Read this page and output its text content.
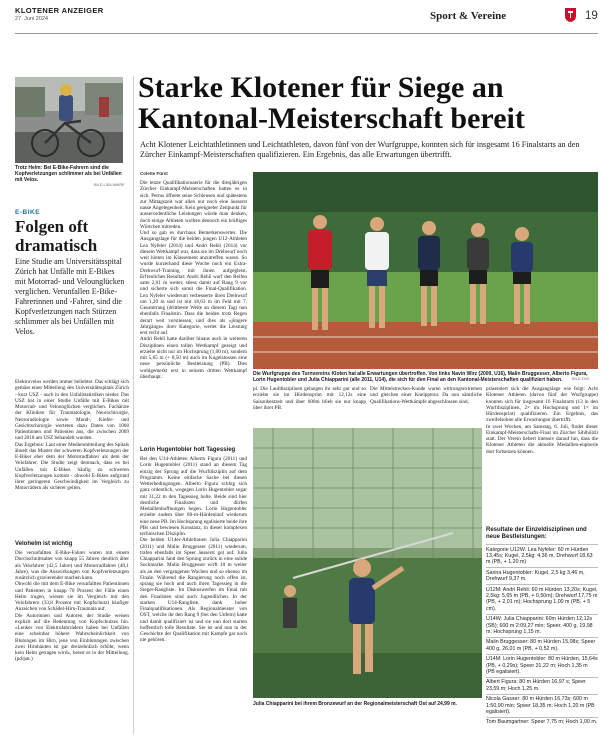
KLOTENER ANZEIGER
27. Juni 2024	Sport & Vereine	19
Trotz Helm: Bei E-Bike-Fahrern sind die Kopfverletzungen schlimmer als bei Unfällen mit Velos.
BILD LISA MAIRE
E-BIKE
Folgen oft dramatisch
Eine Studie am Universitätsspital Zürich hat Unfälle mit E-Bikes mit Motorrad- und Velounglücken verglichen. Verunfallen E-Bike-Fahrerinnen und -Fahrer, sind die Kopfverletzungen nach Stürzen schlimmer als bei Unfällen mit Velos.
Elektrovelos werden immer beliebter. Das schlägt sich gemäss einer Mitteilung des Universitätsspitals Zürich - kurz USZ - auch in den Unfallstatistiken nieder. Das USZ hat in einer Studie Unfälle mit E-Bikes mit Motorrad- und Velounglücken verglichen. Fachärzte der Kliniken für Traumatologie, Neurochirurgie, Neuroradiologie sowie Mund-, Kiefer- und Gesichtschirurgie werteten dazu Daten von 1068 Patientinnen und Patienten aus, die zwischen 2009 und 2018 am USZ behandelt wurden.
Das Ergebnis: Laut einer Medienmitteilung des Spitals ähnelt das Muster der schweren Kopfverletzungen der E-Biker eher dem der Motorradfahrer als dem der Velofahrer. Die Studie zeigt demnach, dass es bei Unfällen mit E-Bikes häufig zu schweren Kopfverletzungen kommt - obwohl E-Bikes aufgrund ihrer geringeren Geschwindigkeit im Vergleich zu Motorrädern als sicherer gelten.
Velohelm ist wichtig
Die verunfallten E-Bike-Fahrer waren mit einem Durchschnittsalter von knapp 55 Jahren deutlich älter als Velofahrer (42,5 Jahre) und Motorradfahrer (40,1 Jahre), was die Auswirkungen von Kopfverletzungen zusätzlich gravierender machen kann.
Obwohl die mit dem E-Bike verunfallten Patientinnen und Patienten in knapp 70 Prozent der Fälle einen Helm trugen, wiesen sie im Vergleich mit den Velofahrern (33,8 Prozent mit Kopfschutz) häufiger Anzeichen von Schädel-Hirn-Traumata auf.
Die Autorinnen und Autoren der Studie weisen explizit auf die Bedeutung von Kopfschutzes hin. «Lenker von Elektrofahrrädern haben bei Unfällen eine scheinbar höhere Wahrscheinlichkeit von Blutungen im Hirn, jene von Einblutungen zwischen zwei Hirnhäuten ist gar dreizehnfach erhöht, wenn kein Helm getragen wird», heisst es in der Mitteilung. (pd/pat.)
Starke Klotener für Siege an Kantonal-Meisterschaft bereit
Acht Klotener Leichtathletinnen und Leichtathleten, davon fünf von der Wurfgruppe, konnten sich für insgesamt 16 Finalstarts an den Zürcher Einkampf-Meisterschaften qualifizieren. Ein Ergebnis, das alle Erwartungen übertrifft.
Colette Fürst
Die letzte Qualifikationsserie für die diesjährigen Zürcher Einkampf-Meisterschaften hatten es in sich. Petrus öffnete seine Schleusen und spätestens zur Mittagszeit war allen nur noch eine äusserst nasse Angelegenheit. Kein geeigneter Zeitpunkt für ausserordentliche Leistungen würde man denken, doch einige Athleten wollten dennoch ein kräftiges Wörtchen mitreden.
Und so gab es durchaus Bemerkenswertes. Die Ausgangslage für die beiden jungen U12-Athleten Lea Nyfeler (2014) und Andri Rehli (2014) vor diesem Wettkampf war, dass sie im Drehwurf noch weit hinten im Klassement anzutreffen waren. So wurde kurzerhand diese Woche noch ein Extra-Drehwurf-Training mit ihnen aufgegleist. Erfreuliches Resultat: Andri Rehli warf den Reifen satte 2,01 m weiter, stiess damit auf Rang 9 vor und sicherte sich somit die Final-Qualifikation. Lea Nyfeler wiederum verbesserte ihren Drehwurf um 1,20 m und ist mit 18,63 m im Feld mit 7. Gesamtrang (drittbeste Weite an diesem Tag) nun ebenfalls Finalistin. Dass die beiden trotz Regen derart weit vorstiessen, und dies als «jüngere Jahrgänge» ihrer Kategorie, wertet die Leistung erst recht auf.
Andri Rehli hatte darüber hinaus auch in weiteren Disziplinen einen tollen Wettkampf gezeigt und erzielte nicht nur im Hochsprung (1,00 m), sondern mit 5,65 m (+ 0,50 m) auch im Kugelstossen eine neue persönliche Bestleistung (PB). Dies wohlgemerkt erst in seinem dritten Wettkampf überhaupt.
Lorin Hugentobler holt Tagessieg
Bei den U14-Athleten Alberto Figura (2011) und Lorin Hugentobler (2011) stand an diesem Tag einzig der Sprung auf die Wurfdisziplin auf dem Programm. Keine einfache Sache bei diesen Wetterbedingungen. Alberto Figura schlug sich ganz ordentlich, wogegen Lorin Hugentobler sogar mit 31,22 m den Tagessieg holte. Beide sind hier deutliche Finalisten und dürfen Medaillenhoffnungen hegen. Lorin Hugentobler erzielte zudem über 80-m-Hürdenlauf wiederum eine neue PB. Im Hochsprung egalisierte beide ihre PBs und bewiesen Konstanz, in dieser komplexen technischen Disziplin.
Die beiden U14er-Athletinnen Julia Chiapparini (2011) und Malin Bruggesser (2011) wiederum, trafen ebenfalls im Speer äusserst gut auf. Julia Chiapparini fand den Sprung zurück in eine solide Sockmarke. Malin Bruggesser wirft 10 m weiter als an den vergangenen Wochen und so ebenso im Finale. Während die Rangierung noch offen ist, sprang sie hoch und auch ihren Tagessieg in die Sieger-Rangliste. Im Diskuswerfen im Final mit den Finalisten sind auch Jugendlichen. In der starken U14-Rangliste, dank hoher Finalqualifikationen. Als Regionalmeister von OST, welche ihr den Rang 9 (bei den Unfern) hatte und damit qualifiziert ist und sie nun dort starten hoffentlich tolle Resultate. Sie ist und nun in der Geschichte der Qualifikation mit Kampfe gar noch nie gehören.
Die Wurfgruppe des Turnvereins Kloten hat alle Erwartungen übertroffen. Von links Navin Wirz (2009, U16), Malin Bruggesser, Alberto Figura, Lorin Hugentobler und Julia Chiapparini (alle 2011, U14), die sich für den Final an den Kantonal-Meisterschaften qualifiziert haben.	BILD ZVG
pl. Die Laufdisziplinen gelangen ihr sehr gut und so erzielte sie im Hürdensprint mit 12,12s eine Saisonbestzeit und über 600m blieb sie nur knapp über ihrer PB.
Die Mittelstrecken-Kunde waren wittrungsextremen und gleichen einer Kneipptour. Da nun sämtliche Qualifikations-Wettkämpfe abgeschlossen sind,
präsentiert sich die Ausgangslage wie folgt: Acht Klotener Athleten (davon fünf der Wurfgruppe) konnten sich für insgesamt 16 Finalstarts (13 in den Wurfdisziplinen, 2× im Hochsprung und 1× im Hürdensprint) qualifizieren. Ein Ergebnis, das zweifelsohne alle Erwartungen übertrifft.
In zwei Wochen, am Samstag, 6. Juli, findet dieser Einkampf-Meisterschafts-Final im Zürcher Sihlhölzli statt. Der Verein liebert intensiv darauf hin, dass die Klotener Athleten die aktuelle Medaillen-euphorie dort fortsetzen können.
Julia Chiapparini bei ihrem Bronzewurf an der Regionalmeisterschaft Ost auf 24,99 m.
Resultate der Einzeldisziplinen und neue Bestleistungen:
Kategorie U12W: Lea Nyfeler: 60 m Hürden 13,45s; Kugel, 2,5kg: 4,36 m, Drehwurf 18,63 m (PB, + 1,20 m)
Sarina Hugentobler: Kugel, 2,5 kg 3,46 m, Drehwurf 9,37 m.
U12M: Andri Rehli: 60 m Hürden 13,20s; Kugel, 2,5kg: 5,65 m (PB, + 0,50m); Drehwurf 17,75 m (PB, + 2,01 m); Hochsprung 1,00 m (PB, + 5 cm).
U14W: Julia Chiapparini: 60m Hürden 12,12s (SB); 600 m 2:09,27 min; Speer, 400 g, 19,98 m; Hochsprung 1,15 m.
Malin Bruggesser: 80 m Hürden 15,08s; Speer 400 g, 26,01 m (PB, + 0,52 m).
U14M: Lorin Hugentobler: 80 m Hürden, 15,64s (PB, + 0,29s); Speer 31,22 m; Hoch 1,35 m (PB egalisiert).
Albert Figura: 80 m Hürden 16,97 s; Speer 23,59 m; Hoch 1,25 m.
Nicola Gasser: 80 m Hürden 16,73s; 600 m 1:50,90 min; Speer 18,35 m; Hoch 1,20 m (PB egalisiert).
Tom Baumgartner: Speer 7,75 m; Hoch 1,00 m.
